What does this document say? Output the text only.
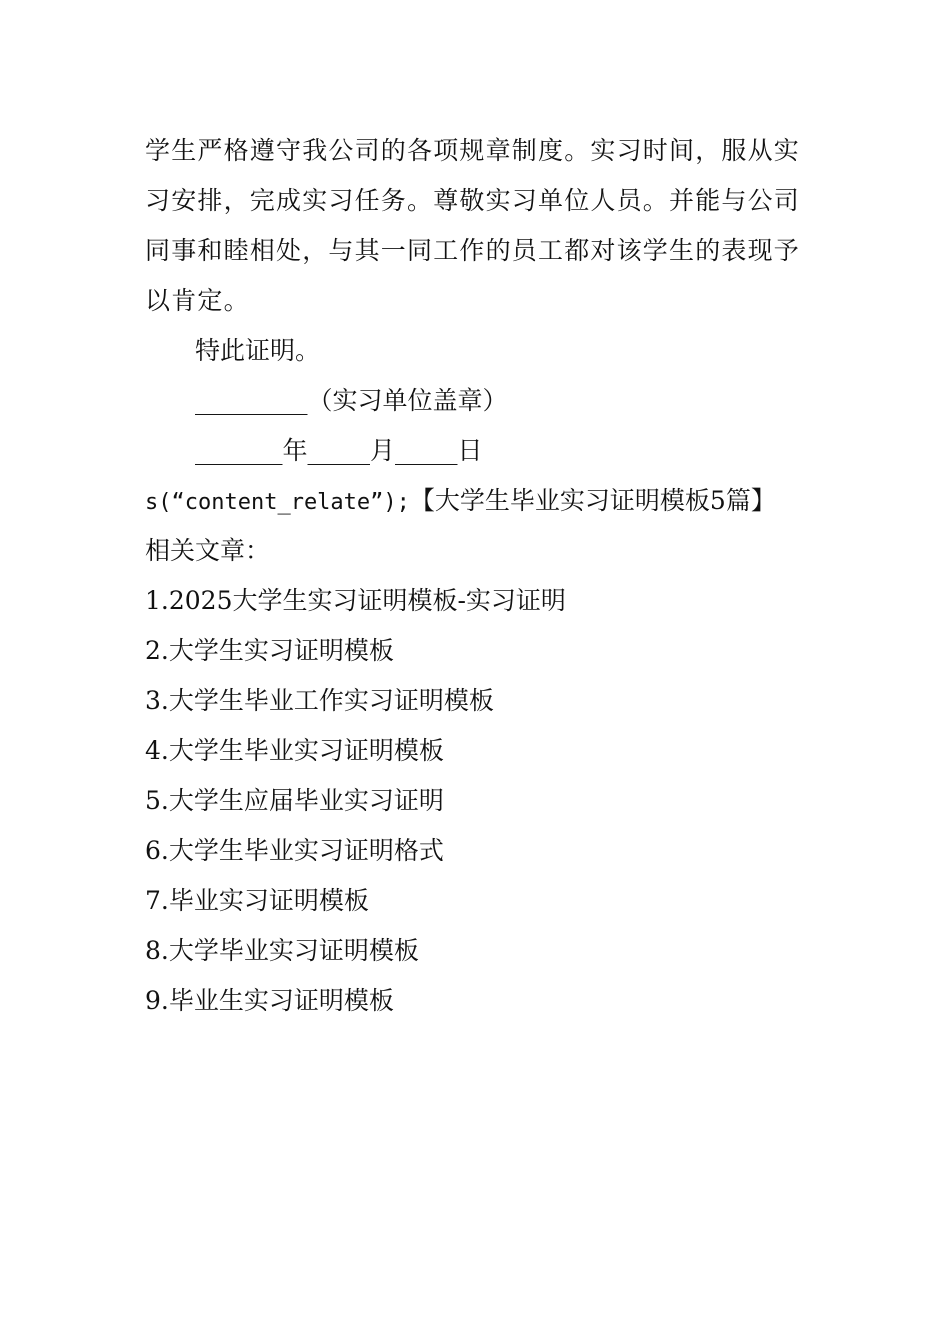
学生严格遵守我公司的各项规章制度。实习时间，服从实
习安排，完成实习任务。尊敬实习单位人员。并能与公司
同事和睦相处，与其一同工作的员工都对该学生的表现予
以肯定。
特此证明。
_________（实习单位盖章）
_______年_____月_____日
s(“content_relate”);【大学生毕业实习证明模板5篇】
相关文章：
1.2025大学生实习证明模板-实习证明
2.大学生实习证明模板
3.大学生毕业工作实习证明模板
4.大学生毕业实习证明模板
5.大学生应届毕业实习证明
6.大学生毕业实习证明格式
7.毕业实习证明模板
8.大学毕业实习证明模板
9.毕业生实习证明模板
